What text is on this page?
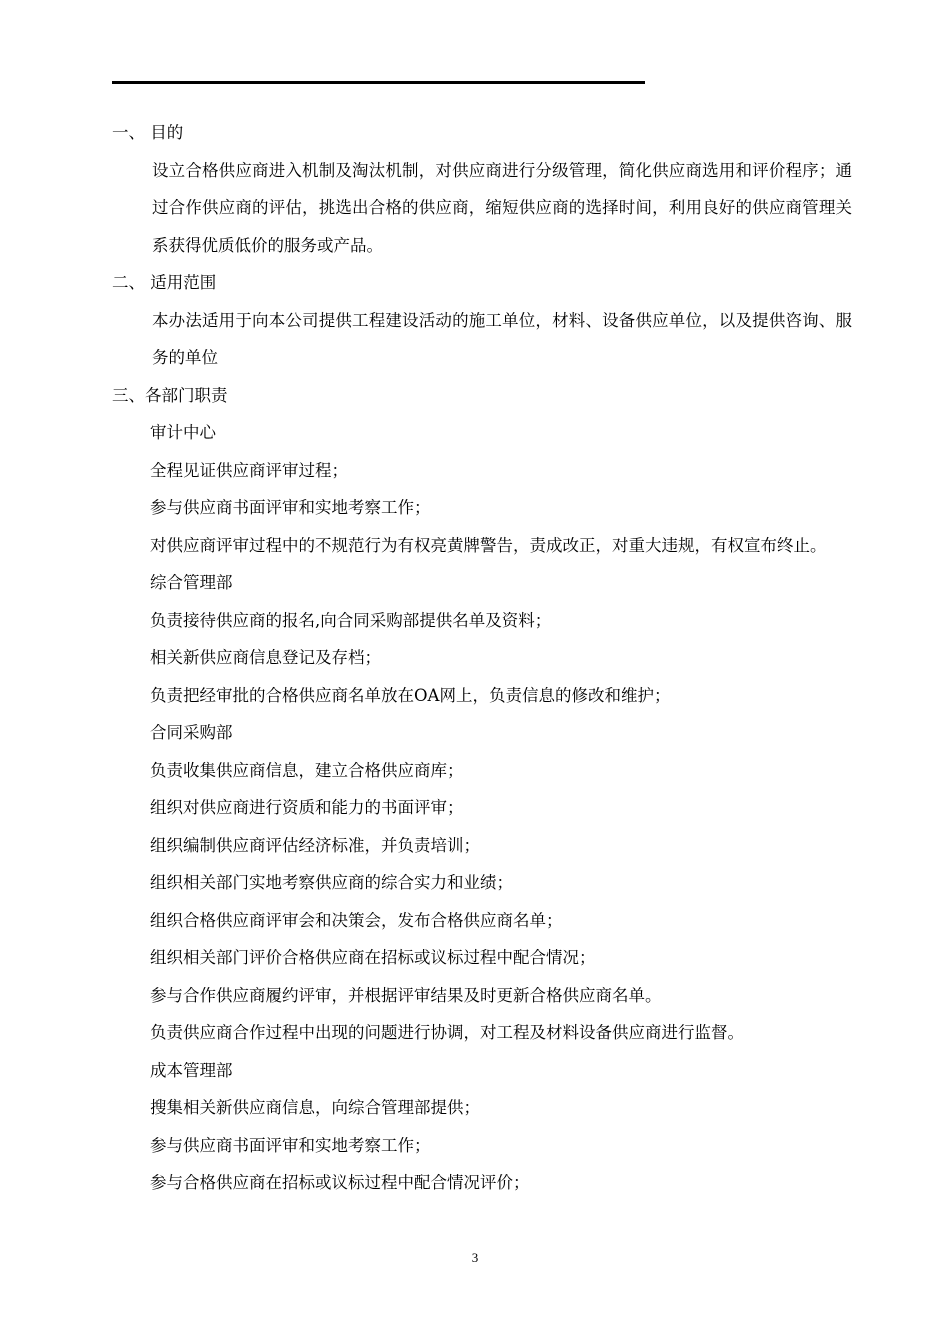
一、 目的

设立合格供应商进入机制及淘汰机制，对供应商进行分级管理，简化供应商选用和评价程序；通过合作供应商的评估，挑选出合格的供应商，缩短供应商的选择时间，利用良好的供应商管理关系获得优质低价的服务或产品。

二、 适用范围

本办法适用于向本公司提供工程建设活动的施工单位，材料、设备供应单位，以及提供咨询、服务的单位

三、各部门职责

审计中心

全程见证供应商评审过程；

参与供应商书面评审和实地考察工作；

对供应商评审过程中的不规范行为有权亮黄牌警告，责成改正，对重大违规，有权宣布终止。

综合管理部

负责接待供应商的报名,向合同采购部提供名单及资料；

相关新供应商信息登记及存档；

负责把经审批的合格供应商名单放在OA网上，负责信息的修改和维护；

合同采购部

负责收集供应商信息，建立合格供应商库；

组织对供应商进行资质和能力的书面评审；

组织编制供应商评估经济标准，并负责培训；

组织相关部门实地考察供应商的综合实力和业绩；

组织合格供应商评审会和决策会，发布合格供应商名单；

组织相关部门评价合格供应商在招标或议标过程中配合情况；

参与合作供应商履约评审，并根据评审结果及时更新合格供应商名单。

负责供应商合作过程中出现的问题进行协调，对工程及材料设备供应商进行监督。

成本管理部

搜集相关新供应商信息，向综合管理部提供；

参与供应商书面评审和实地考察工作；

参与合格供应商在招标或议标过程中配合情况评价；

3
